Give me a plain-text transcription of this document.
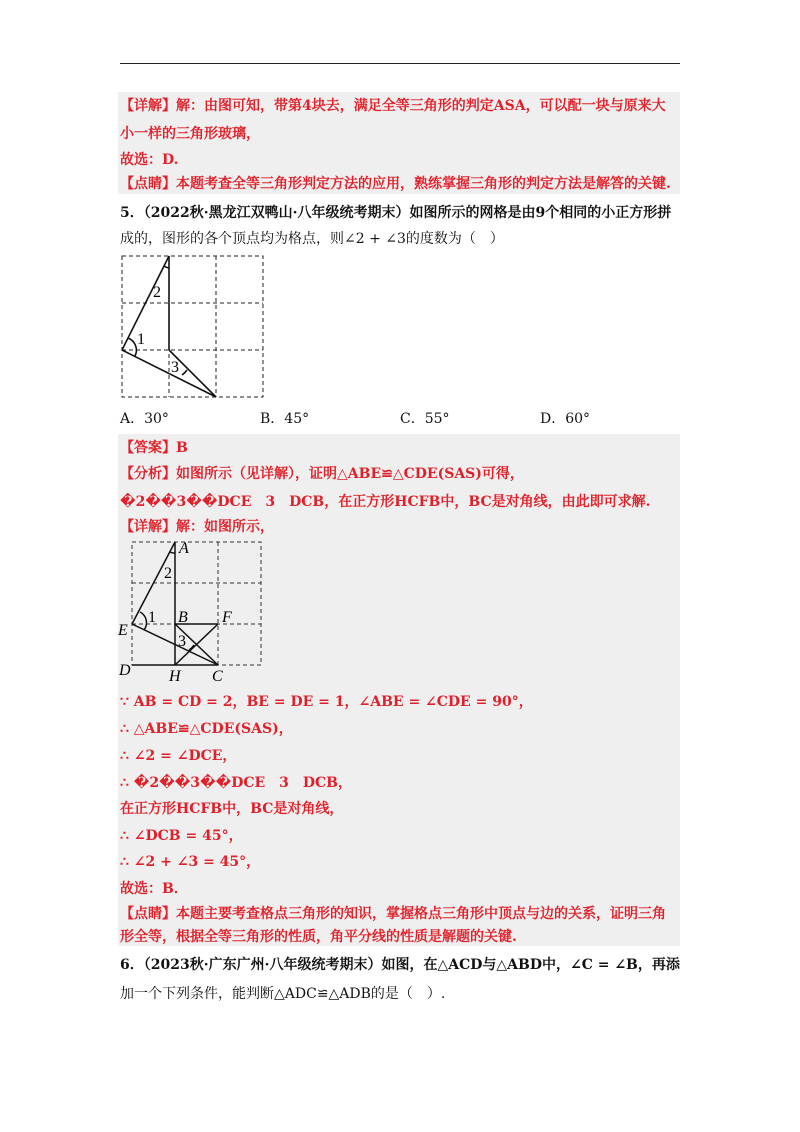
【详解】解：由图可知，带第4块去，满足全等三角形的判定ASA，可以配一块与原来大
小一样的三角形玻璃，
故选：D.
【点睛】本题考查全等三角形判定方法的应用，熟练掌握三角形的判定方法是解答的关键.
5．（2022秋·黑龙江双鸭山·八年级统考期末）如图所示的网格是由9个相同的小正方形拼
成的，图形的各个顶点均为格点，则∠2 + ∠3的度数为（　）
2
1
3
A．30°	B．45°	C．55°	D．60°
【答案】B
【分析】如图所示（见详解），证明△ABE≌△CDE(SAS)可得，
�2��3��DCE　3　DCB，在正方形HCFB中，BC是对角线，由此即可求解.
【详解】解：如图所示，
A
2
E
1 B F
3
D H C
∵ AB = CD = 2，BE = DE = 1，∠ABE = ∠CDE = 90°，
∴ △ABE≌△CDE(SAS)，
∴ ∠2 = ∠DCE，
∴ �2��3��DCE　3　DCB，
在正方形HCFB中，BC是对角线，
∴ ∠DCB = 45°，
∴ ∠2 + ∠3 = 45°，
故选：B．
【点睛】本题主要考查格点三角形的知识，掌握格点三角形中顶点与边的关系，证明三角
形全等，根据全等三角形的性质，角平分线的性质是解题的关键.
6．（2023秋·广东广州·八年级统考期末）如图，在△ACD与△ABD中，∠C = ∠B，再添
加一个下列条件，能判断△ADC≌△ADB的是（　）.
